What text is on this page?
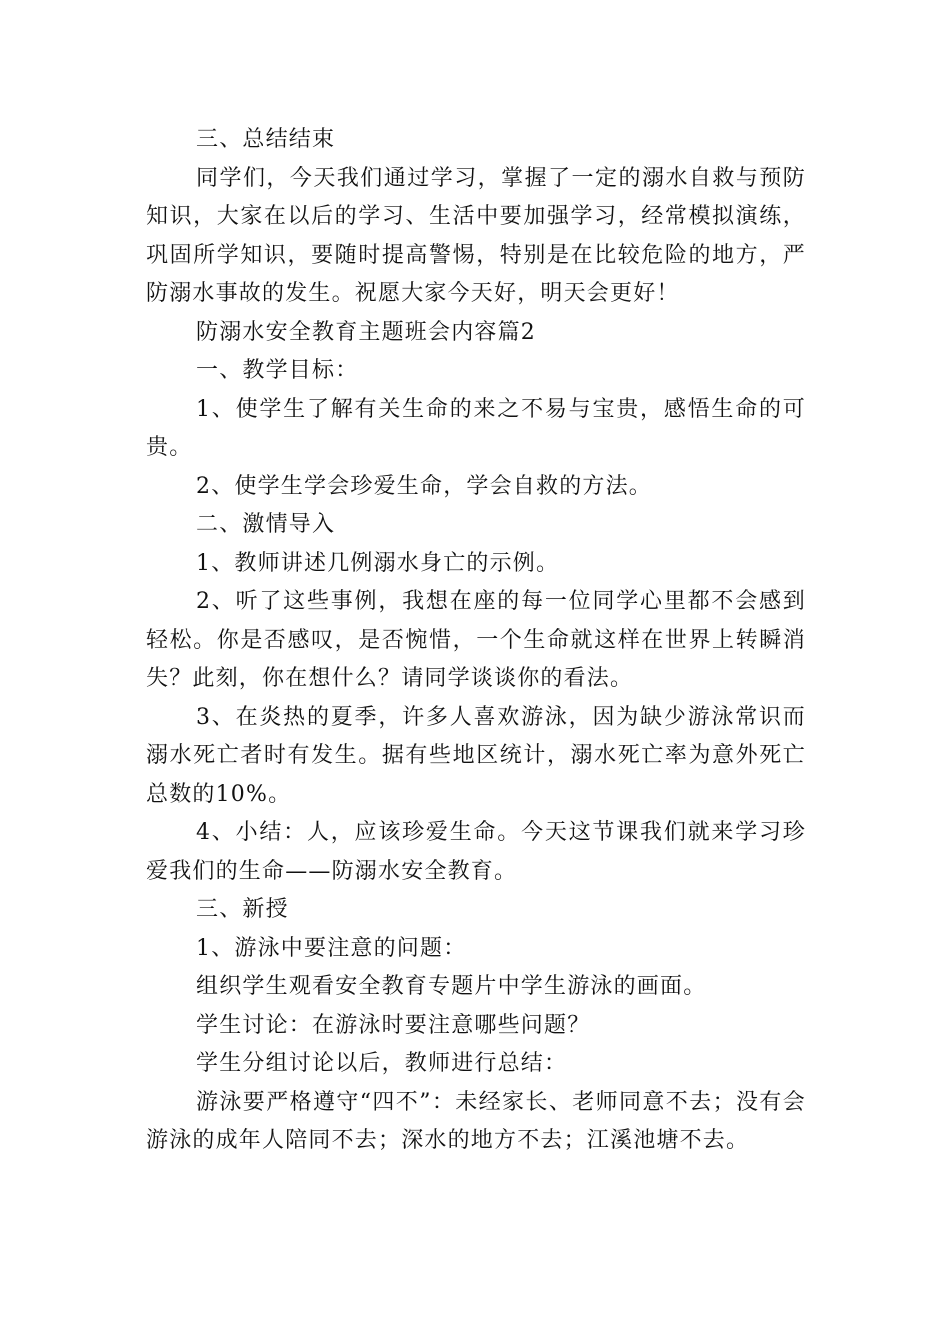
三、总结结束

同学们，今天我们通过学习，掌握了一定的溺水自救与预防知识，大家在以后的学习、生活中要加强学习，经常模拟演练，巩固所学知识，要随时提高警惕，特别是在比较危险的地方，严防溺水事故的发生。祝愿大家今天好，明天会更好！

防溺水安全教育主题班会内容篇2

一、教学目标：

1、使学生了解有关生命的来之不易与宝贵，感悟生命的可贵。

2、使学生学会珍爱生命，学会自救的方法。

二、激情导入

1、教师讲述几例溺水身亡的示例。

2、听了这些事例，我想在座的每一位同学心里都不会感到轻松。你是否感叹，是否惋惜，一个生命就这样在世界上转瞬消失？此刻，你在想什么？请同学谈谈你的看法。

3、在炎热的夏季，许多人喜欢游泳，因为缺少游泳常识而溺水死亡者时有发生。据有些地区统计，溺水死亡率为意外死亡总数的10%。

4、小结：人，应该珍爱生命。今天这节课我们就来学习珍爱我们的生命——防溺水安全教育。

三、新授

1、游泳中要注意的问题：

组织学生观看安全教育专题片中学生游泳的画面。

学生讨论：在游泳时要注意哪些问题？

学生分组讨论以后，教师进行总结：

游泳要严格遵守“四不”：未经家长、老师同意不去；没有会游泳的成年人陪同不去；深水的地方不去；江溪池塘不去。
